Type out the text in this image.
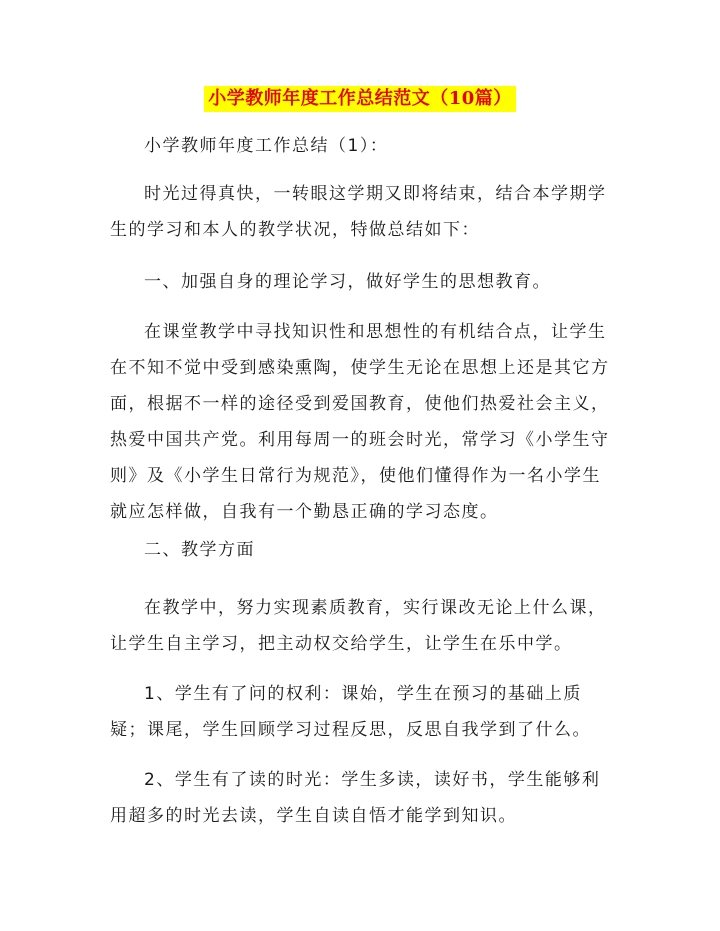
小学教师年度工作总结范文（10篇）

小学教师年度工作总结（1）：

时光过得真快，一转眼这学期又即将结束，结合本学期学生的学习和本人的教学状况，特做总结如下：

一、加强自身的理论学习，做好学生的思想教育。

在课堂教学中寻找知识性和思想性的有机结合点，让学生在不知不觉中受到感染熏陶，使学生无论在思想上还是其它方面，根据不一样的途径受到爱国教育，使他们热爱社会主义，热爱中国共产党。利用每周一的班会时光，常学习《小学生守则》及《小学生日常行为规范》，使他们懂得作为一名小学生就应怎样做，自我有一个勤恳正确的学习态度。

二、教学方面

在教学中，努力实现素质教育，实行课改无论上什么课，让学生自主学习，把主动权交给学生，让学生在乐中学。

1、学生有了问的权利：课始，学生在预习的基础上质疑；课尾，学生回顾学习过程反思，反思自我学到了什么。

2、学生有了读的时光：学生多读，读好书，学生能够利用超多的时光去读，学生自读自悟才能学到知识。
